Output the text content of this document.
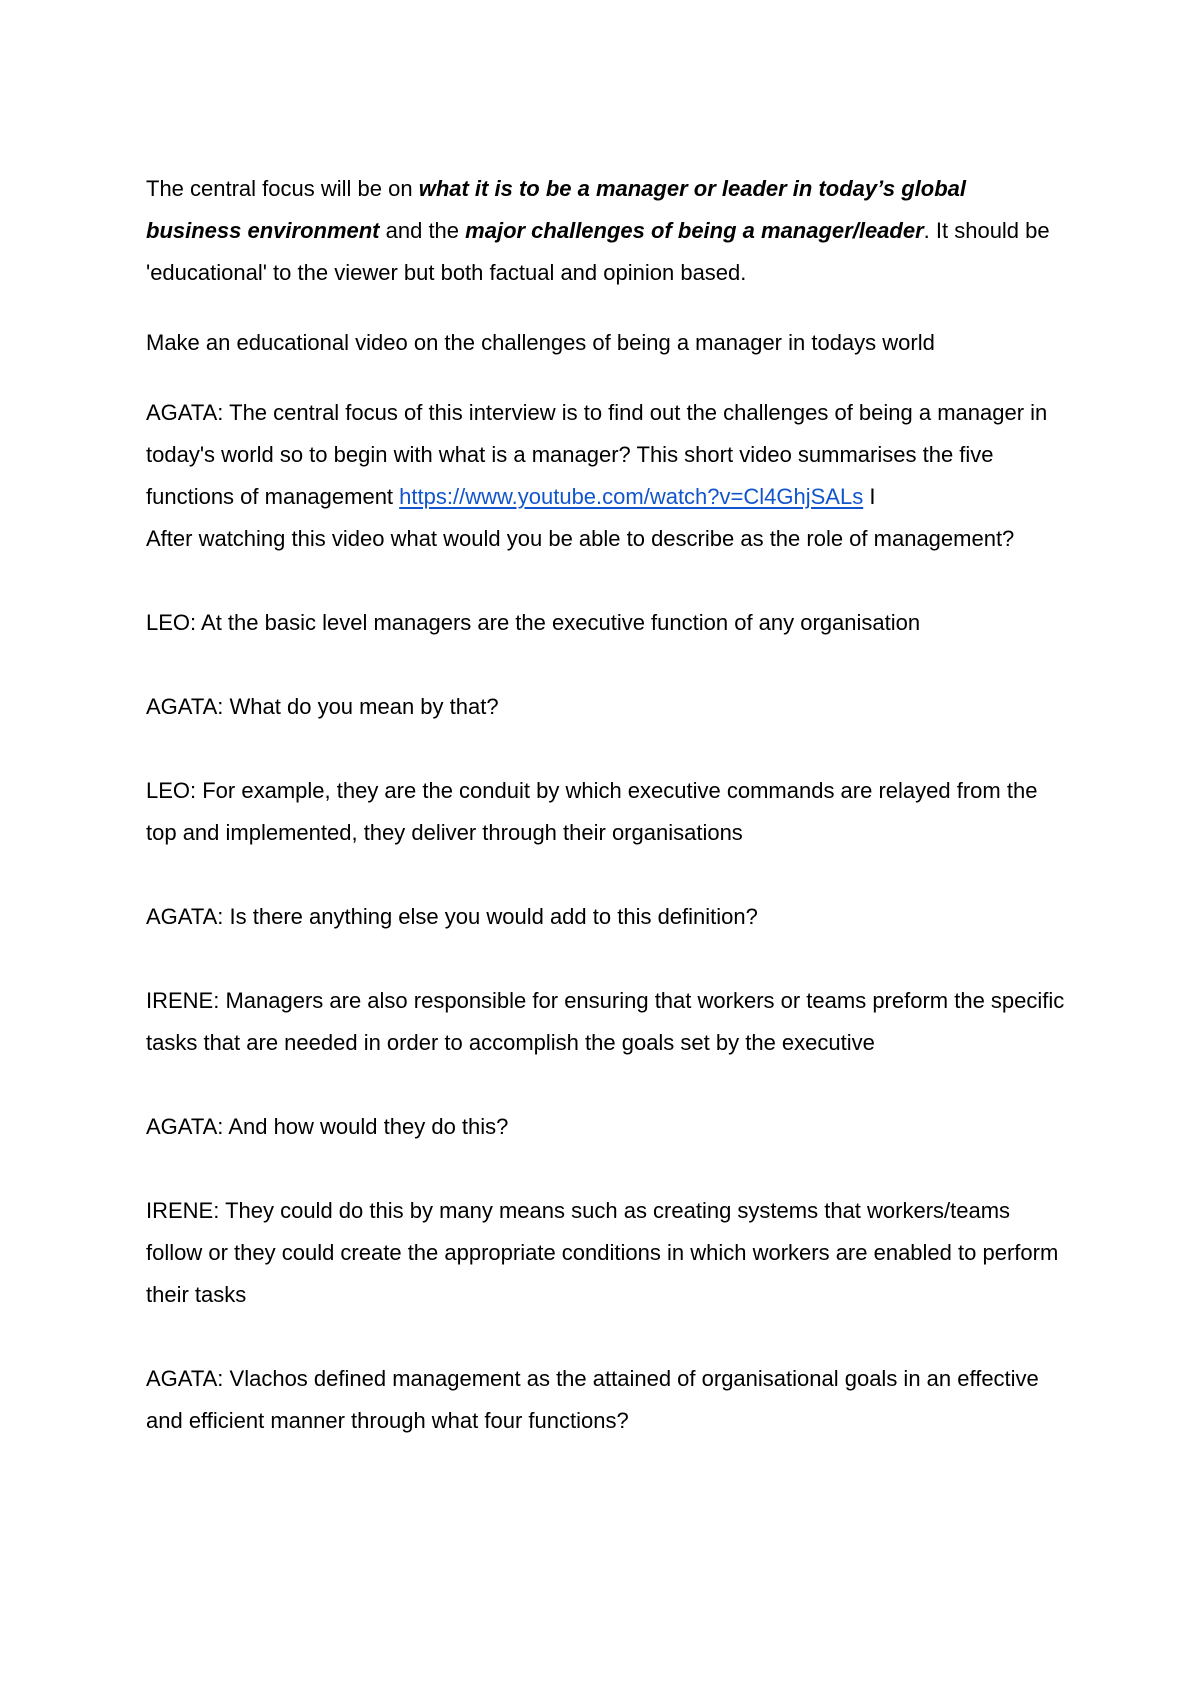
The central focus will be on what it is to be a manager or leader in today’s global business environment and the major challenges of being a manager/leader. It should be 'educational' to the viewer but both factual and opinion based.

Make an educational video on the challenges of being a manager in todays world

AGATA: The central focus of this interview is to find out the challenges of being a manager in today's world so to begin with what is a manager? This short video summarises the five functions of management https://www.youtube.com/watch?v=Cl4GhjSALs I

After watching this video what would you be able to describe as the role of management?

LEO: At the basic level managers are the executive function of any organisation

AGATA: What do you mean by that?

LEO: For example, they are the conduit by which executive commands are relayed from the top and implemented, they deliver through their organisations

AGATA: Is there anything else you would add to this definition?

IRENE: Managers are also responsible for ensuring that workers or teams preform the specific tasks that are needed in order to accomplish the goals set by the executive

AGATA: And how would they do this?

IRENE: They could do this by many means such as creating systems that workers/teams follow or they could create the appropriate conditions in which workers are enabled to perform their tasks

AGATA: Vlachos defined management as the attained of organisational goals in an effective and efficient manner through what four functions?
